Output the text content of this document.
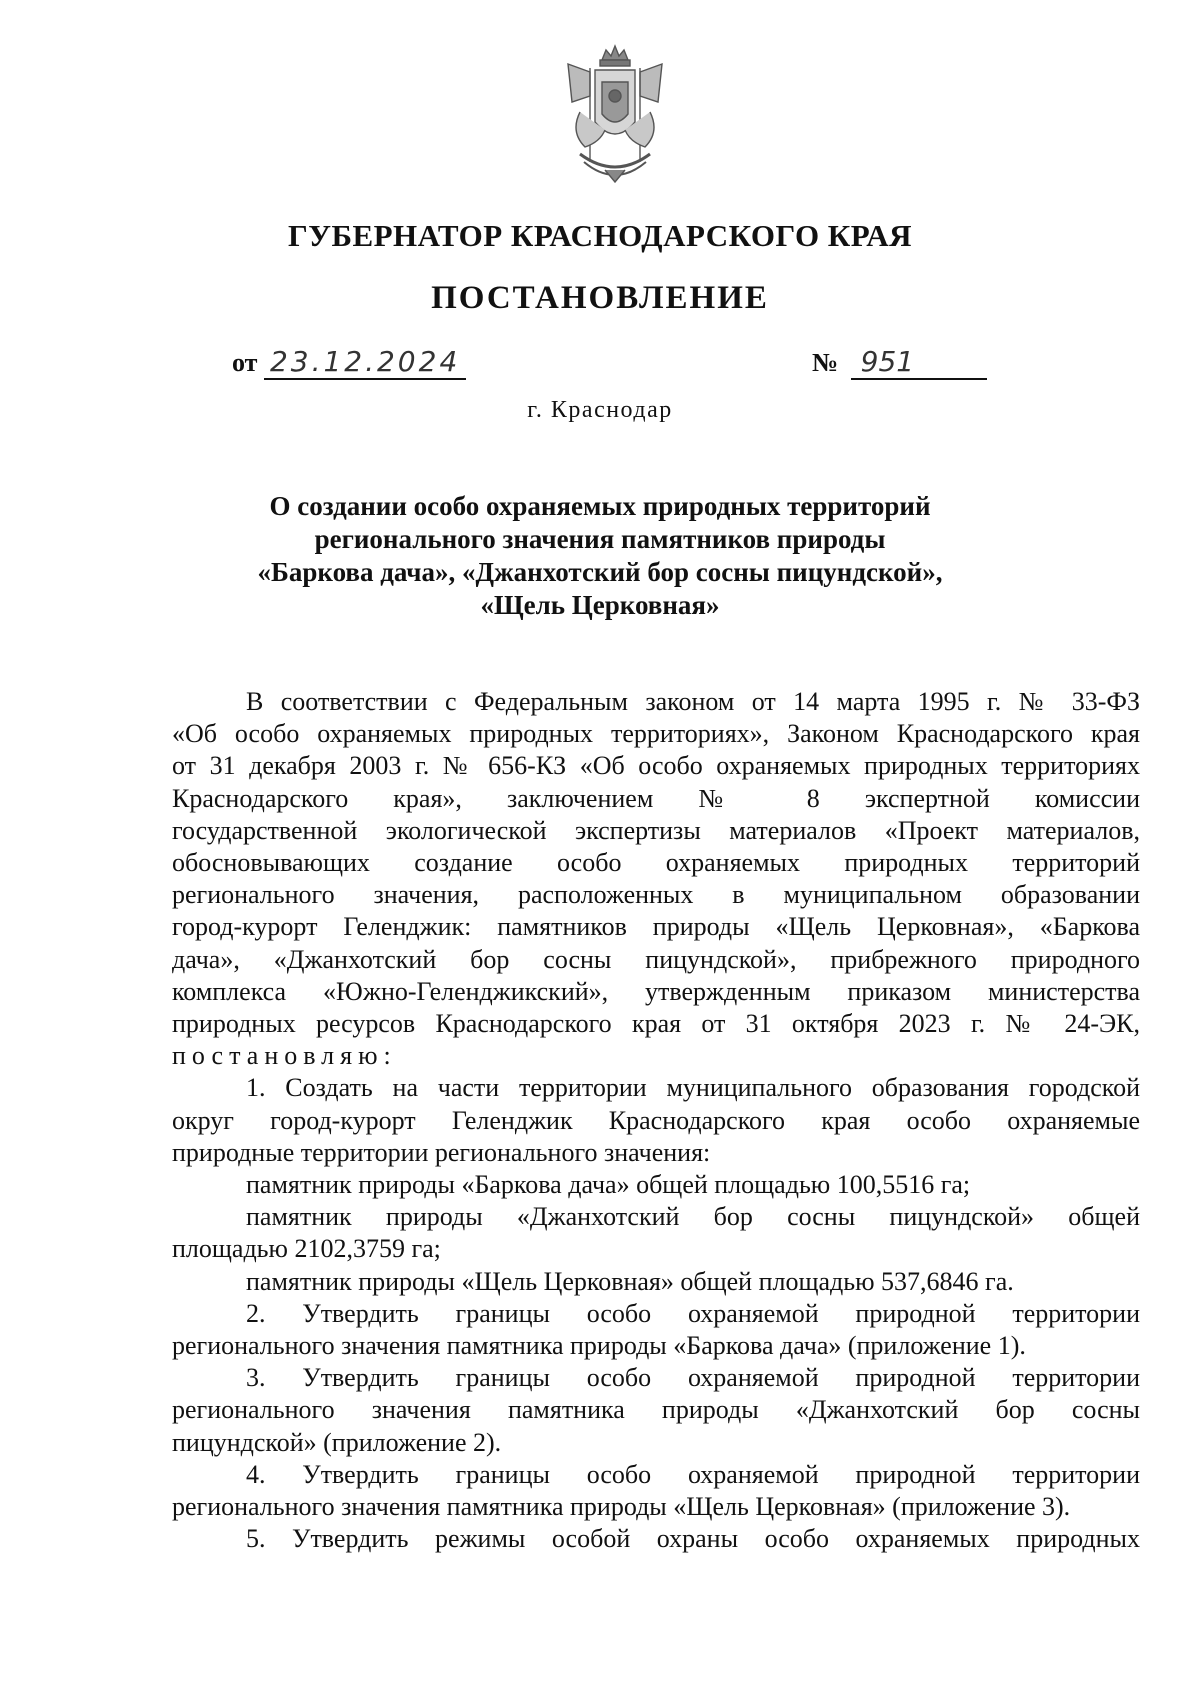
ГУБЕРНАТОР КРАСНОДАРСКОГО КРАЯ
ПОСТАНОВЛЕНИЕ
от 23.12.2024	№ 951
г. Краснодар
О создании особо охраняемых природных территорий
регионального значения памятников природы
«Баркова дача», «Джанхотский бор сосны пицундской»,
«Щель Церковная»

В соответствии с Федеральным законом от 14 марта 1995 г. № 33-ФЗ

«Об особо охраняемых природных территориях», Законом Краснодарского края

от 31 декабря 2003 г. № 656-КЗ «Об особо охраняемых природных территориях

Краснодарского края», заключением № 8 экспертной комиссии

государственной экологической экспертизы материалов «Проект материалов,

обосновывающих создание особо охраняемых природных территорий

регионального значения, расположенных в муниципальном образовании

город-курорт Геленджик: памятников природы «Щель Церковная», «Баркова

дача», «Джанхотский бор сосны пицундской», прибрежного природного

комплекса «Южно-Геленджикский», утвержденным приказом министерства

природных ресурсов Краснодарского края от 31 октября 2023 г. № 24-ЭК,

постановляю:

1. Создать на части территории муниципального образования городской

округ город-курорт Геленджик Краснодарского края особо охраняемые

природные территории регионального значения:

памятник природы «Баркова дача» общей площадью 100,5516 га;

памятник природы «Джанхотский бор сосны пицундской» общей

площадью 2102,3759 га;

памятник природы «Щель Церковная» общей площадью 537,6846 га.

2. Утвердить границы особо охраняемой природной территории

регионального значения памятника природы «Баркова дача» (приложение 1).

3. Утвердить границы особо охраняемой природной территории

регионального значения памятника природы «Джанхотский бор сосны

пицундской» (приложение 2).

4. Утвердить границы особо охраняемой природной территории

регионального значения памятника природы «Щель Церковная» (приложение 3).

5. Утвердить режимы особой охраны особо охраняемых природных
